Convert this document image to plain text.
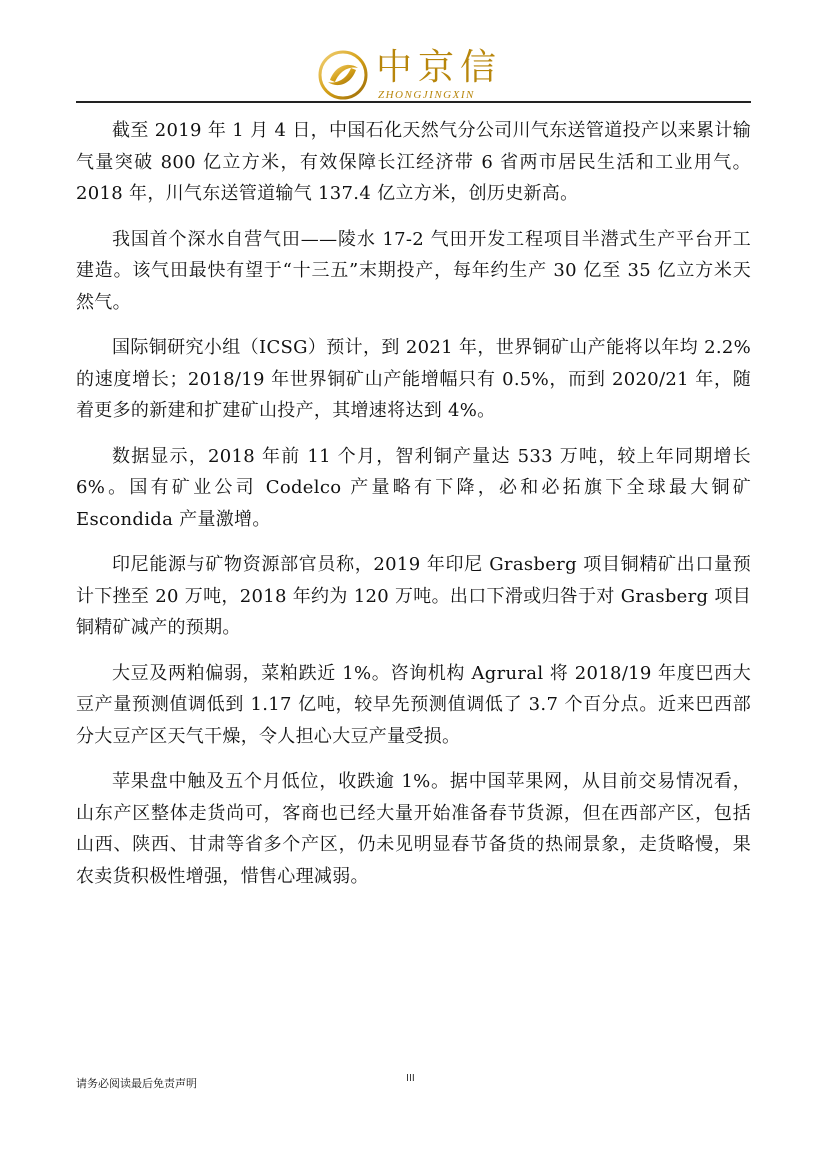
中京信
ZHONGJINGXIN

截至 2019 年 1 月 4 日，中国石化天然气分公司川气东送管道投产以来累计输气量突破 800 亿立方米，有效保障长江经济带 6 省两市居民生活和工业用气。2018 年，川气东送管道输气 137.4 亿立方米，创历史新高。

我国首个深水自营气田——陵水 17-2 气田开发工程项目半潜式生产平台开工建造。该气田最快有望于“十三五”末期投产，每年约生产 30 亿至 35 亿立方米天然气。

国际铜研究小组（ICSG）预计，到 2021 年，世界铜矿山产能将以年均 2.2%的速度增长；2018/19 年世界铜矿山产能增幅只有 0.5%，而到 2020/21 年，随着更多的新建和扩建矿山投产，其增速将达到 4%。

数据显示，2018 年前 11 个月，智利铜产量达 533 万吨，较上年同期增长 6%。国有矿业公司 Codelco 产量略有下降，必和必拓旗下全球最大铜矿 Escondida 产量激增。

印尼能源与矿物资源部官员称，2019 年印尼 Grasberg 项目铜精矿出口量预计下挫至 20 万吨，2018 年约为 120 万吨。出口下滑或归咎于对 Grasberg 项目铜精矿减产的预期。

大豆及两粕偏弱，菜粕跌近 1%。咨询机构 Agrural 将 2018/19 年度巴西大豆产量预测值调低到 1.17 亿吨，较早先预测值调低了 3.7 个百分点。近来巴西部分大豆产区天气干燥，令人担心大豆产量受损。

苹果盘中触及五个月低位，收跌逾 1%。据中国苹果网，从目前交易情况看，山东产区整体走货尚可，客商也已经大量开始准备春节货源，但在西部产区，包括山西、陕西、甘肃等省多个产区，仍未见明显春节备货的热闹景象，走货略慢，果农卖货积极性增强，惜售心理减弱。

请务必阅读最后免责声明	III
